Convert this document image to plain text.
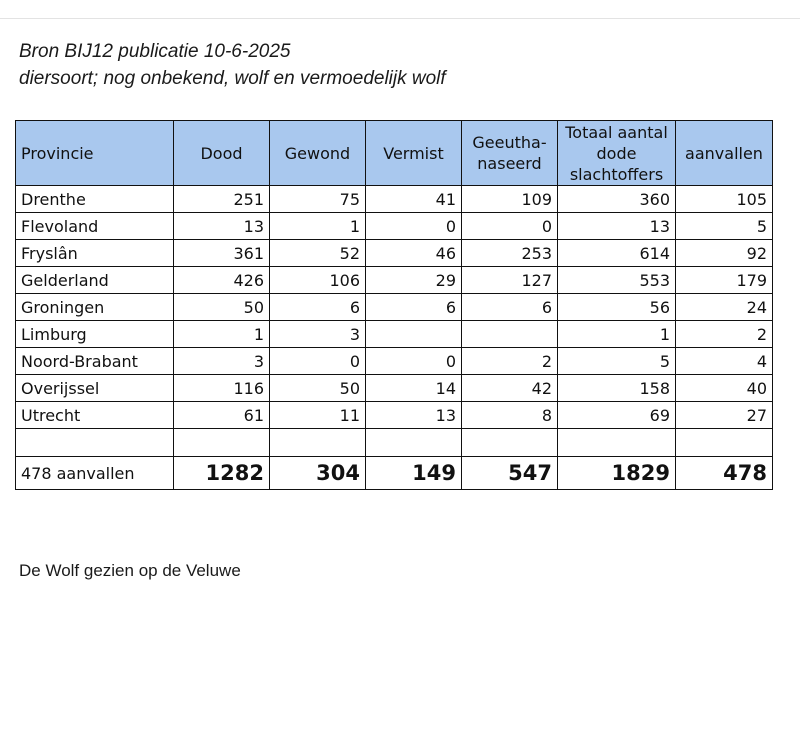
Bron BIJ12 publicatie 10-6-2025
diersoort; nog onbekend, wolf en vermoedelijk wolf
Provincie	Dood	Gewond	Vermist	Geeutha-naseerd	Totaal aantal dode slachtoffers	aanvallen
Drenthe	251	75	41	109	360	105
Flevoland	13	1	0	0	13	5
Fryslân	361	52	46	253	614	92
Gelderland	426	106	29	127	553	179
Groningen	50	6	6	6	56	24
Limburg	1	3			1	2
Noord-Brabant	3	0	0	2	5	4
Overijssel	116	50	14	42	158	40
Utrecht	61	11	13	8	69	27

478 aanvallen	1282	304	149	547	1829	478
De Wolf gezien op de Veluwe
